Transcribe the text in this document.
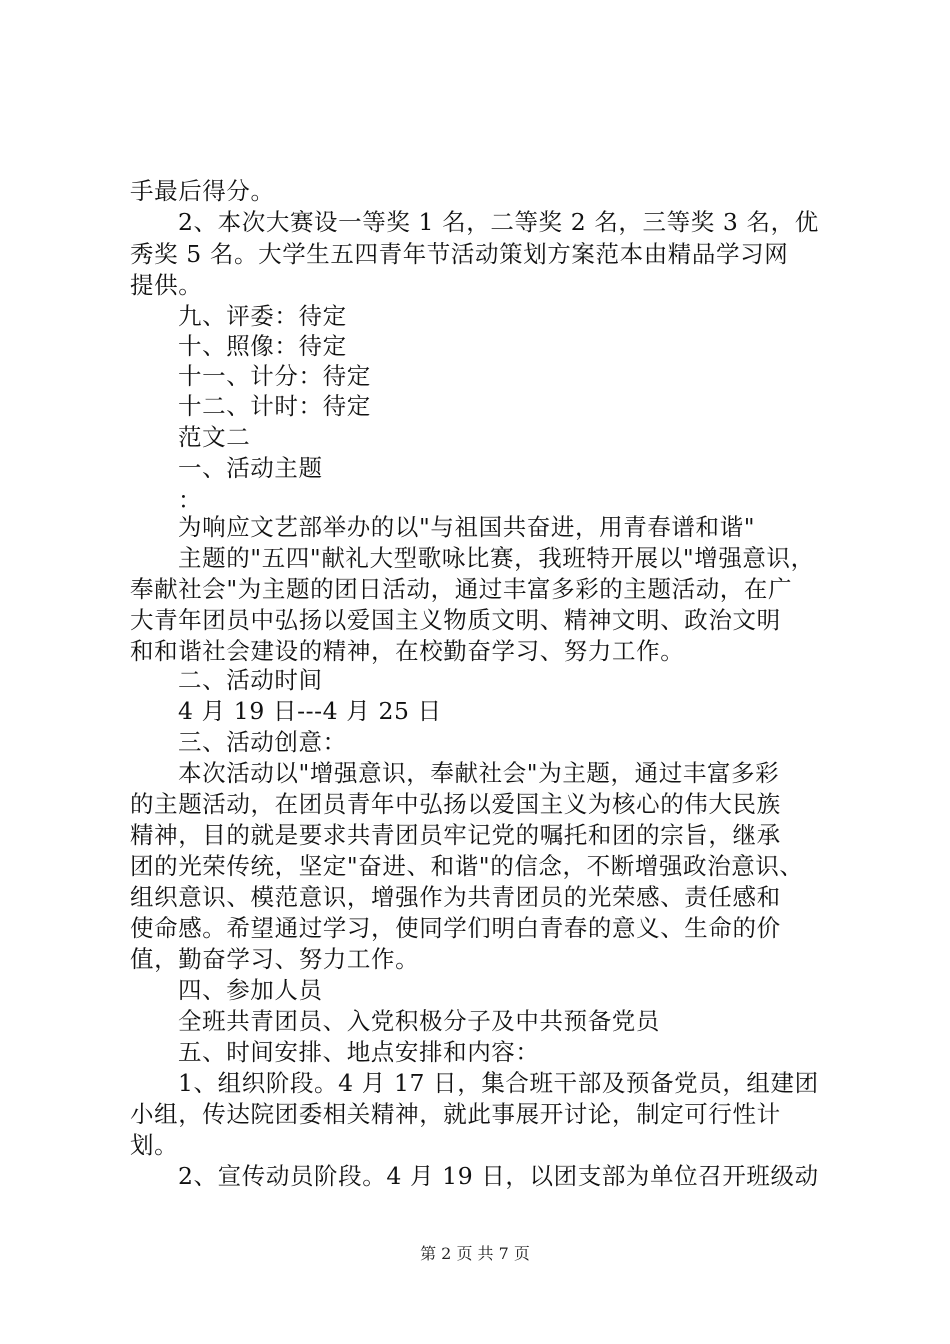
手最后得分。
2、本次大赛设一等奖 1 名，二等奖 2 名，三等奖 3 名，优
秀奖 5 名。大学生五四青年节活动策划方案范本由精品学习网
提供。
九、评委：待定
十、照像：待定
十一、计分：待定
十二、计时：待定
范文二
一、活动主题
：
为响应文艺部举办的以"与祖国共奋进，用青春谱和谐"
主题的"五四"献礼大型歌咏比赛，我班特开展以"增强意识，
奉献社会"为主题的团日活动，通过丰富多彩的主题活动，在广
大青年团员中弘扬以爱国主义物质文明、精神文明、政治文明
和和谐社会建设的精神，在校勤奋学习、努力工作。
二、活动时间
4 月 19 日---4 月 25 日
三、活动创意：
本次活动以"增强意识，奉献社会"为主题，通过丰富多彩
的主题活动，在团员青年中弘扬以爱国主义为核心的伟大民族
精神，目的就是要求共青团员牢记党的嘱托和团的宗旨，继承
团的光荣传统，坚定"奋进、和谐"的信念，不断增强政治意识、
组织意识、模范意识，增强作为共青团员的光荣感、责任感和
使命感。希望通过学习，使同学们明白青春的意义、生命的价
值，勤奋学习、努力工作。
四、参加人员
全班共青团员、入党积极分子及中共预备党员
五、时间安排、地点安排和内容：
1、组织阶段。4 月 17 日，集合班干部及预备党员，组建团
小组，传达院团委相关精神，就此事展开讨论，制定可行性计
划。
2、宣传动员阶段。4 月 19 日，以团支部为单位召开班级动
第 2 页 共 7 页
